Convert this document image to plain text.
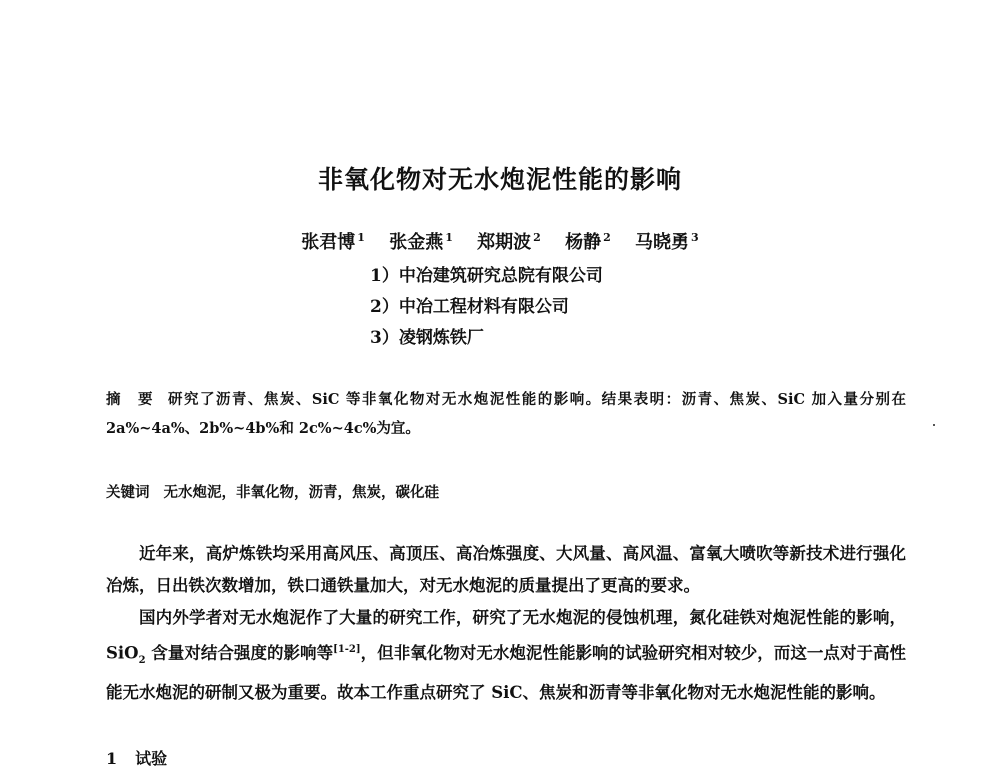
非氧化物对无水炮泥性能的影响
张君博 $^1$ 张金燕 $^1$ 郑期波 $^2$ 杨静 $^2$ 马晓勇 $^3$
1）中冶建筑研究总院有限公司
2）中冶工程材料有限公司
3）凌钢炼铁厂
摘　要 研究了沥青、焦炭、SiC 等非氧化物对无水炮泥性能的影响。结果表明：沥青、焦炭、SiC 加入量分别在 2a%~4a%、2b%~4b%和 2c%~4c%为宜。
关键词 无水炮泥，非氧化物，沥青，焦炭，碳化硅

近年来，高炉炼铁均采用高风压、高顶压、高冶炼强度、大风量、高风温、富氧大喷吹等新技术进行强化冶炼，日出铁次数增加，铁口通铁量加大，对无水炮泥的质量提出了更高的要求。

国内外学者对无水炮泥作了大量的研究工作，研究了无水炮泥的侵蚀机理，氮化硅铁对炮泥性能的影响，SiO$_2$ 含量对结合强度的影响等[1-2]，但非氧化物对无水炮泥性能影响的试验研究相对较少，而这一点对于高性能无水炮泥的研制又极为重要。故本工作重点研究了 SiC、焦炭和沥青等非氧化物对无水炮泥性能的影响。

1 试验
